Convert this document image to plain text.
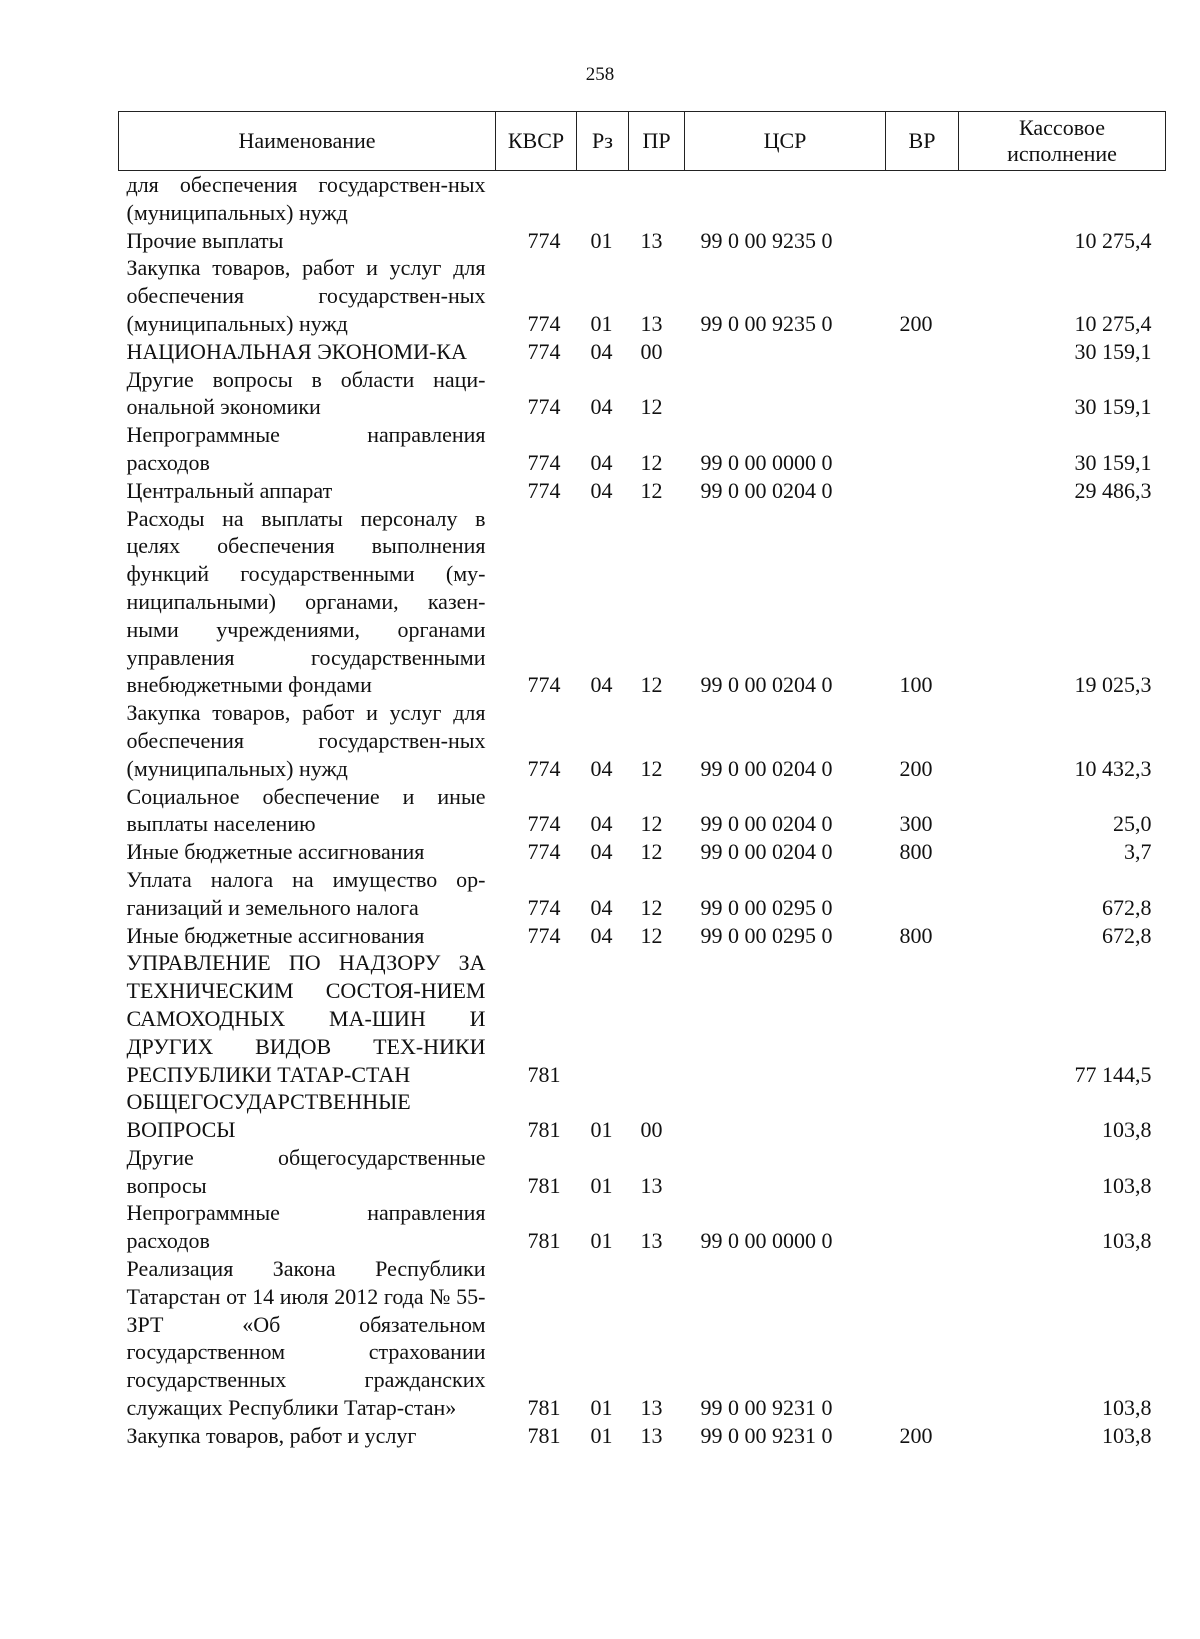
258
Наименование	КВСР	Рз	ПР	ЦСР	ВР	Кассовое исполнение
для обеспечения государствен-ных (муниципальных) нужд						
Прочие выплаты	774	01	13	99 0 00 9235 0		10 275,4
Закупка товаров, работ и услуг для обеспечения государствен-ных (муниципальных) нужд	774	01	13	99 0 00 9235 0	200	10 275,4
НАЦИОНАЛЬНАЯ ЭКОНОМИ-КА	774	04	00			30 159,1
Другие вопросы в области наци-ональной экономики	774	04	12			30 159,1
Непрограммные направления расходов	774	04	12	99 0 00 0000 0		30 159,1
Центральный аппарат	774	04	12	99 0 00 0204 0		29 486,3
Расходы на выплаты персоналу в целях обеспечения выполнения функций государственными (му-ниципальными) органами, казен-ными учреждениями, органами управления государственными внебюджетными фондами	774	04	12	99 0 00 0204 0	100	19 025,3
Закупка товаров, работ и услуг для обеспечения государствен-ных (муниципальных) нужд	774	04	12	99 0 00 0204 0	200	10 432,3
Социальное обеспечение и иные выплаты населению	774	04	12	99 0 00 0204 0	300	25,0
Иные бюджетные ассигнования	774	04	12	99 0 00 0204 0	800	3,7
Уплата налога на имущество ор-ганизаций и земельного налога	774	04	12	99 0 00 0295 0		672,8
Иные бюджетные ассигнования	774	04	12	99 0 00 0295 0	800	672,8
УПРАВЛЕНИЕ ПО НАДЗОРУ ЗА ТЕХНИЧЕСКИМ СОСТОЯ-НИЕМ САМОХОДНЫХ МА-ШИН И ДРУГИХ ВИДОВ ТЕХ-НИКИ РЕСПУБЛИКИ ТАТАР-СТАН	781					77 144,5
ОБЩЕГОСУДАРСТВЕННЫЕ ВОПРОСЫ	781	01	00			103,8
Другие общегосударственные вопросы	781	01	13			103,8
Непрограммные направления расходов	781	01	13	99 0 00 0000 0		103,8
Реализация Закона Республики Татарстан от 14 июля 2012 года № 55-ЗРТ «Об обязательном государственном страховании государственных гражданских служащих Республики Татар-стан»	781	01	13	99 0 00 9231 0		103,8
Закупка товаров, работ и услуг	781	01	13	99 0 00 9231 0	200	103,8
